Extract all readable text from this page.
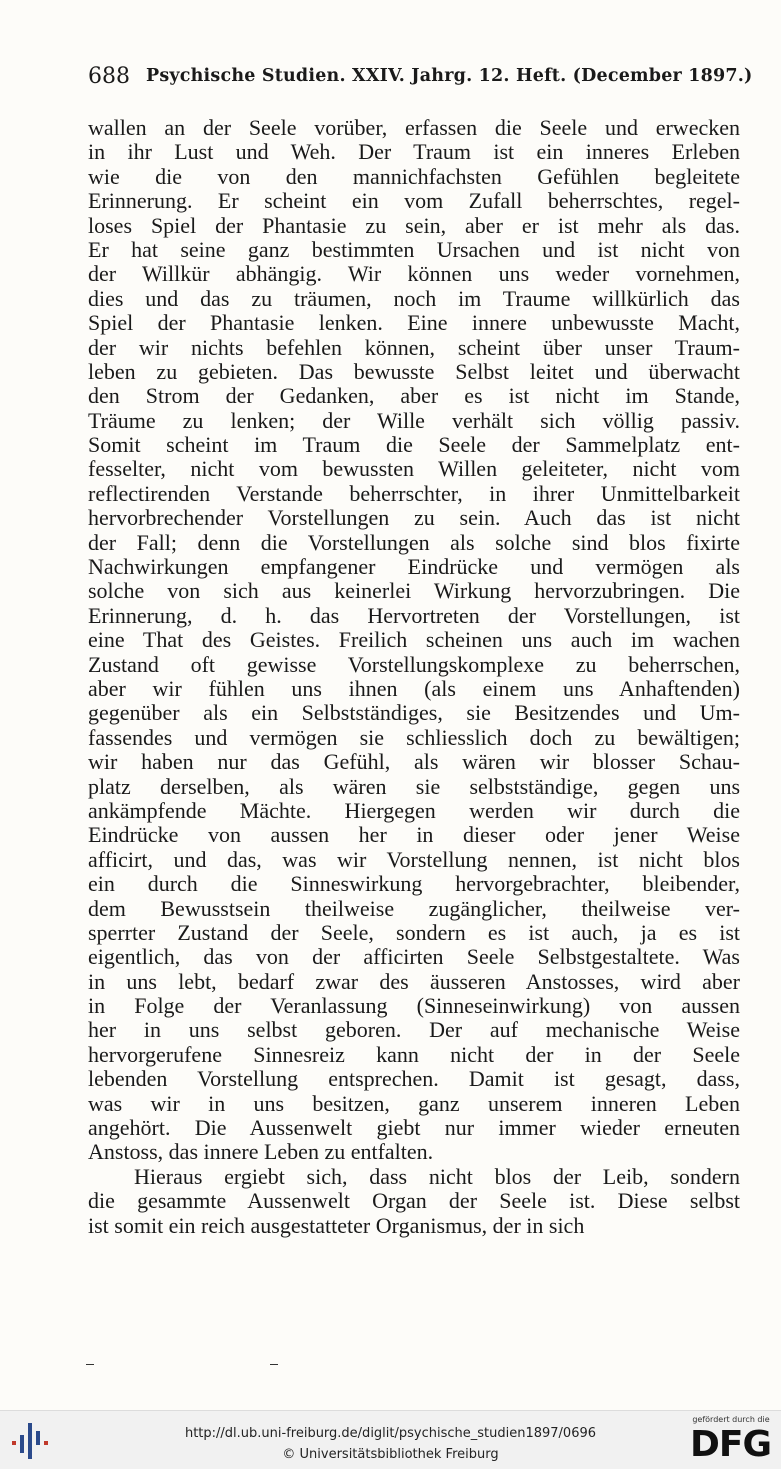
688 Psychische Studien. XXIV. Jahrg. 12. Heft. (December 1897.)
wallen an der Seele vorüber, erfassen die Seele und erwecken
in ihr Lust und Weh. Der Traum ist ein inneres Erleben
wie die von den mannichfachsten Gefühlen begleitete
Erinnerung. Er scheint ein vom Zufall beherrschtes, regel-
loses Spiel der Phantasie zu sein, aber er ist mehr als das.
Er hat seine ganz bestimmten Ursachen und ist nicht von
der Willkür abhängig. Wir können uns weder vornehmen,
dies und das zu träumen, noch im Traume willkürlich das
Spiel der Phantasie lenken. Eine innere unbewusste Macht,
der wir nichts befehlen können, scheint über unser Traum-
leben zu gebieten. Das bewusste Selbst leitet und überwacht
den Strom der Gedanken, aber es ist nicht im Stande,
Träume zu lenken; der Wille verhält sich völlig passiv.
Somit scheint im Traum die Seele der Sammelplatz ent-
fesselter, nicht vom bewussten Willen geleiteter, nicht vom
reflectirenden Verstande beherrschter, in ihrer Unmittelbarkeit
hervorbrechender Vorstellungen zu sein. Auch das ist nicht
der Fall; denn die Vorstellungen als solche sind blos fixirte
Nachwirkungen empfangener Eindrücke und vermögen als
solche von sich aus keinerlei Wirkung hervorzubringen. Die
Erinnerung, d. h. das Hervortreten der Vorstellungen, ist
eine That des Geistes. Freilich scheinen uns auch im wachen
Zustand oft gewisse Vorstellungskomplexe zu beherrschen,
aber wir fühlen uns ihnen (als einem uns Anhaftenden)
gegenüber als ein Selbstständiges, sie Besitzendes und Um-
fassendes und vermögen sie schliesslich doch zu bewältigen;
wir haben nur das Gefühl, als wären wir blosser Schau-
platz derselben, als wären sie selbstständige, gegen uns
ankämpfende Mächte. Hiergegen werden wir durch die
Eindrücke von aussen her in dieser oder jener Weise
afficirt, und das, was wir Vorstellung nennen, ist nicht blos
ein durch die Sinneswirkung hervorgebrachter, bleibender,
dem Bewusstsein theilweise zugänglicher, theilweise ver-
sperrter Zustand der Seele, sondern es ist auch, ja es ist
eigentlich, das von der afficirten Seele Selbstgestaltete. Was
in uns lebt, bedarf zwar des äusseren Anstosses, wird aber
in Folge der Veranlassung (Sinneseinwirkung) von aussen
her in uns selbst geboren. Der auf mechanische Weise
hervorgerufene Sinnesreiz kann nicht der in der Seele
lebenden Vorstellung entsprechen. Damit ist gesagt, dass,
was wir in uns besitzen, ganz unserem inneren Leben
angehört. Die Aussenwelt giebt nur immer wieder erneuten
Anstoss, das innere Leben zu entfalten.
Hieraus ergiebt sich, dass nicht blos der Leib, sondern
die gesammte Aussenwelt Organ der Seele ist. Diese selbst
ist somit ein reich ausgestatteter Organismus, der in sich
http://dl.ub.uni-freiburg.de/diglit/psychische_studien1897/0696
© Universitätsbibliothek Freiburg
gefördert durch die
DFG
